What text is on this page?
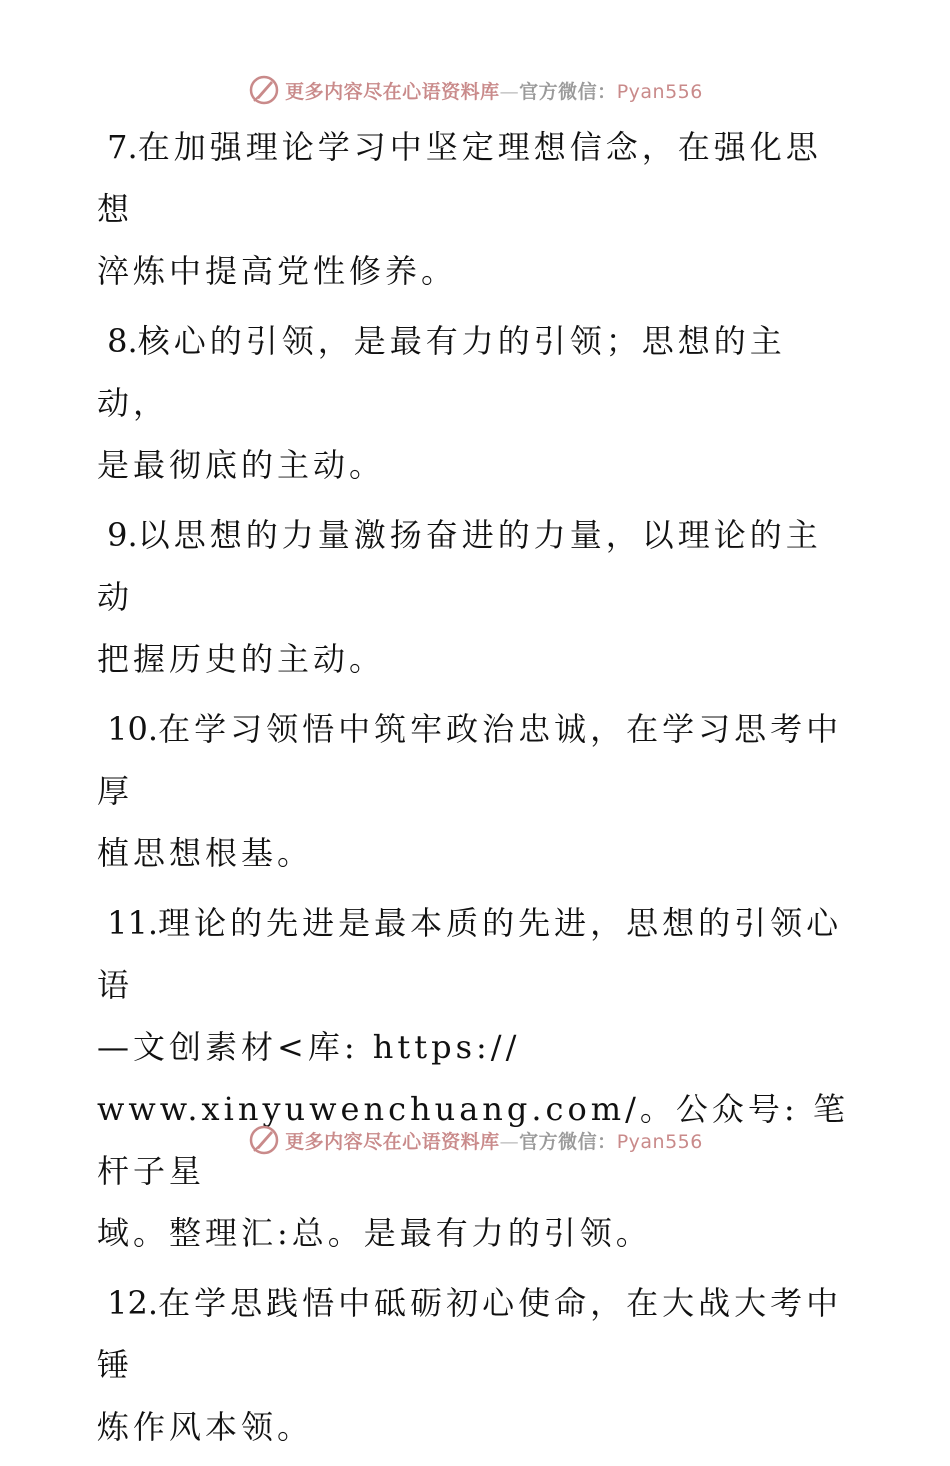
更多内容尽在心语资料库—官方微信：Pyan556
7.在加强理论学习中坚定理想信念，在强化思想
淬炼中提高党性修养。
8.核心的引领，是最有力的引领；思想的主动，
是最彻底的主动。
9.以思想的力量激扬奋进的力量，以理论的主动
把握历史的主动。
10.在学习领悟中筑牢政治忠诚，在学习思考中厚
植思想根基。
11.理论的先进是最本质的先进，思想的引领心语
—文创素材<库: https://
www.xinyuwenchuang.com/。公众号: 笔杆子星
域。整理汇:总。是最有力的引领。
12.在学思践悟中砥砺初心使命，在大战大考中锤
炼作风本领。
更多内容尽在心语资料库—官方微信：Pyan556
